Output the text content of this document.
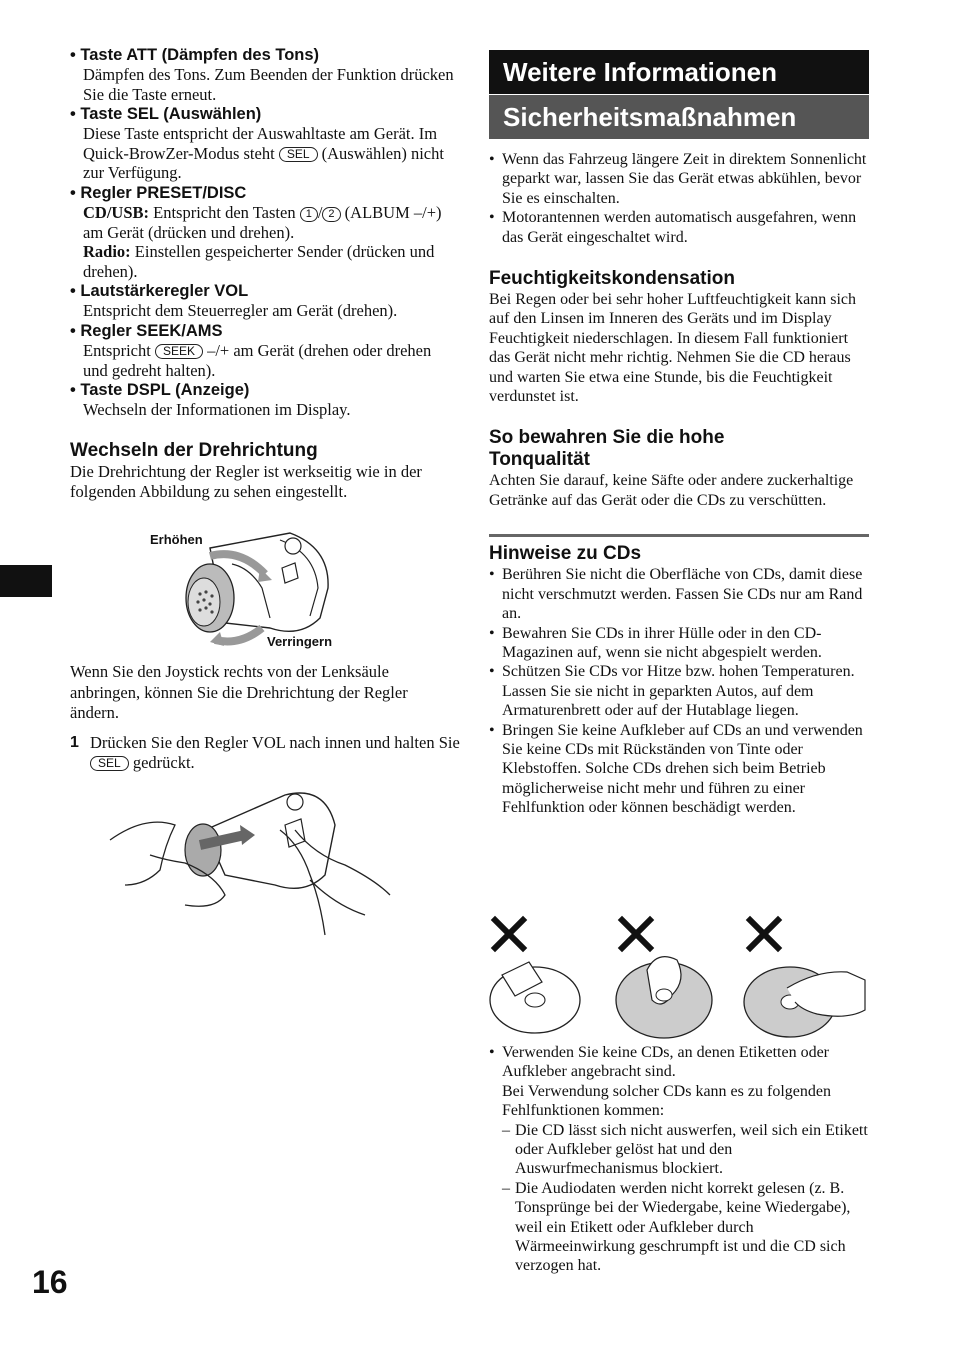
• Taste ATT (Dämpfen des Tons)
Dämpfen des Tons. Zum Beenden der Funktion drücken Sie die Taste erneut.
• Taste SEL (Auswählen)
Diese Taste entspricht der Auswahltaste am Gerät. Im Quick-BrowZer-Modus steht SEL (Auswählen) nicht zur Verfügung.
• Regler PRESET/DISC
CD/USB: Entspricht den Tasten 1 / 2 (ALBUM –/+) am Gerät (drücken und drehen).
Radio: Einstellen gespeicherter Sender (drücken und drehen).
• Lautstärkeregler VOL
Entspricht dem Steuerregler am Gerät (drehen).
• Regler SEEK/AMS
Entspricht SEEK –/+ am Gerät (drehen oder drehen und gedreht halten).
• Taste DSPL (Anzeige)
Wechseln der Informationen im Display.
Wechseln der Drehrichtung
Die Drehrichtung der Regler ist werkseitig wie in der folgenden Abbildung zu sehen eingestellt.
Erhöhen
Verringern
Wenn Sie den Joystick rechts von der Lenksäule anbringen, können Sie die Drehrichtung der Regler ändern.
1 Drücken Sie den Regler VOL nach innen und halten Sie SEL gedrückt.
Weitere Informationen
Sicherheitsmaßnahmen
• Wenn das Fahrzeug längere Zeit in direktem Sonnenlicht geparkt war, lassen Sie das Gerät etwas abkühlen, bevor Sie es einschalten.
• Motorantennen werden automatisch ausgefahren, wenn das Gerät eingeschaltet wird.
Feuchtigkeitskondensation
Bei Regen oder bei sehr hoher Luftfeuchtigkeit kann sich auf den Linsen im Inneren des Geräts und im Display Feuchtigkeit niederschlagen. In diesem Fall funktioniert das Gerät nicht mehr richtig. Nehmen Sie die CD heraus und warten Sie etwa eine Stunde, bis die Feuchtigkeit verdunstet ist.
So bewahren Sie die hohe
Tonqualität
Achten Sie darauf, keine Säfte oder andere zuckerhaltige Getränke auf das Gerät oder die CDs zu verschütten.
Hinweise zu CDs
• Berühren Sie nicht die Oberfläche von CDs, damit diese nicht verschmutzt werden. Fassen Sie CDs nur am Rand an.
• Bewahren Sie CDs in ihrer Hülle oder in den CD-Magazinen auf, wenn sie nicht abgespielt werden.
• Schützen Sie CDs vor Hitze bzw. hohen Temperaturen. Lassen Sie sie nicht in geparkten Autos, auf dem Armaturenbrett oder auf der Hutablage liegen.
• Bringen Sie keine Aufkleber auf CDs an und verwenden Sie keine CDs mit Rückständen von Tinte oder Klebstoffen. Solche CDs drehen sich beim Betrieb möglicherweise nicht mehr und führen zu einer Fehlfunktion oder können beschädigt werden.
• Verwenden Sie keine CDs, an denen Etiketten oder Aufkleber angebracht sind.
Bei Verwendung solcher CDs kann es zu folgenden Fehlfunktionen kommen:
– Die CD lässt sich nicht auswerfen, weil sich ein Etikett oder Aufkleber gelöst hat und den Auswurfmechanismus blockiert.
– Die Audiodaten werden nicht korrekt gelesen (z. B. Tonsprünge bei der Wiedergabe, keine Wiedergabe), weil ein Etikett oder Aufkleber durch Wärmeeinwirkung geschrumpft ist und die CD sich verzogen hat.
16
